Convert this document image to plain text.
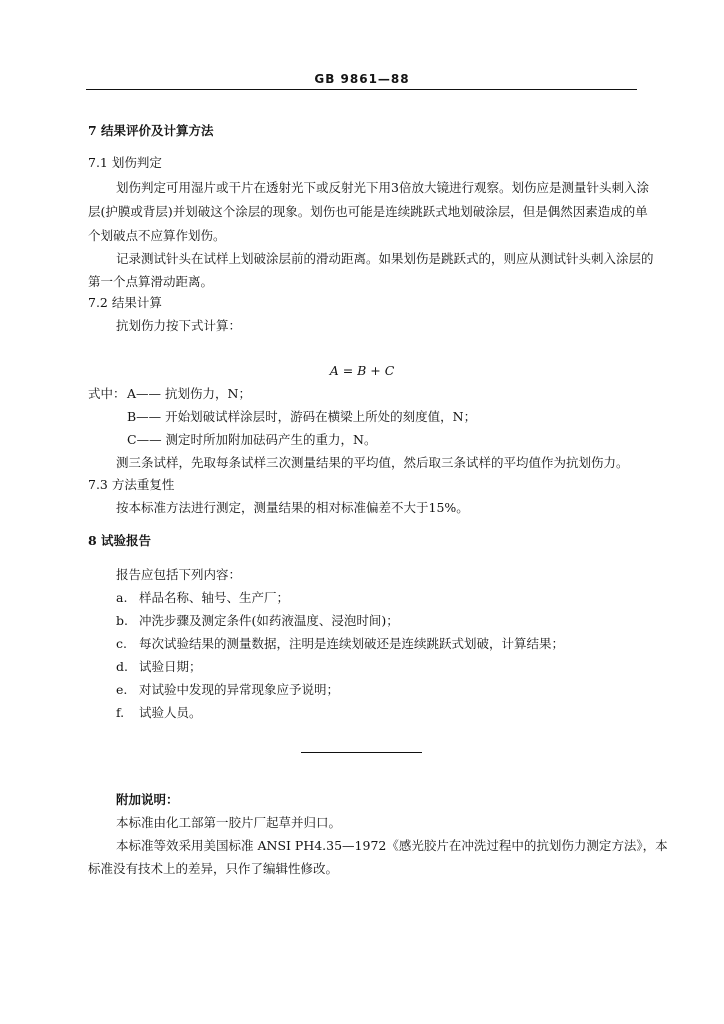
GB 9861—88
7 结果评价及计算方法
7.1 划伤判定
划伤判定可用湿片或干片在透射光下或反射光下用3倍放大镜进行观察。划伤应是测量针头刺入涂
层(护膜或背层)并划破这个涂层的现象。划伤也可能是连续跳跃式地划破涂层，但是偶然因素造成的单
个划破点不应算作划伤。
记录测试针头在试样上划破涂层前的滑动距离。如果划伤是跳跃式的，则应从测试针头刺入涂层的
第一个点算滑动距离。
7.2 结果计算
抗划伤力按下式计算：
A = B + C
式中： A—— 抗划伤力，N；
B—— 开始划破试样涂层时，游码在横梁上所处的刻度值，N；
C—— 测定时所加附加砝码产生的重力，N。
测三条试样，先取每条试样三次测量结果的平均值，然后取三条试样的平均值作为抗划伤力。
7.3 方法重复性
按本标准方法进行测定，测量结果的相对标准偏差不大于15%。
8 试验报告
报告应包括下列内容：
a. 样品名称、轴号、生产厂；
b. 冲洗步骤及测定条件(如药液温度、浸泡时间)；
c. 每次试验结果的测量数据，注明是连续划破还是连续跳跃式划破，计算结果；
d. 试验日期；
e. 对试验中发现的异常现象应予说明；
f. 试验人员。
附加说明：
本标准由化工部第一胶片厂起草并归口。
本标准等效采用美国标准 ANSI PH4.35—1972《感光胶片在冲洗过程中的抗划伤力测定方法》，本
标准没有技术上的差异，只作了编辑性修改。
